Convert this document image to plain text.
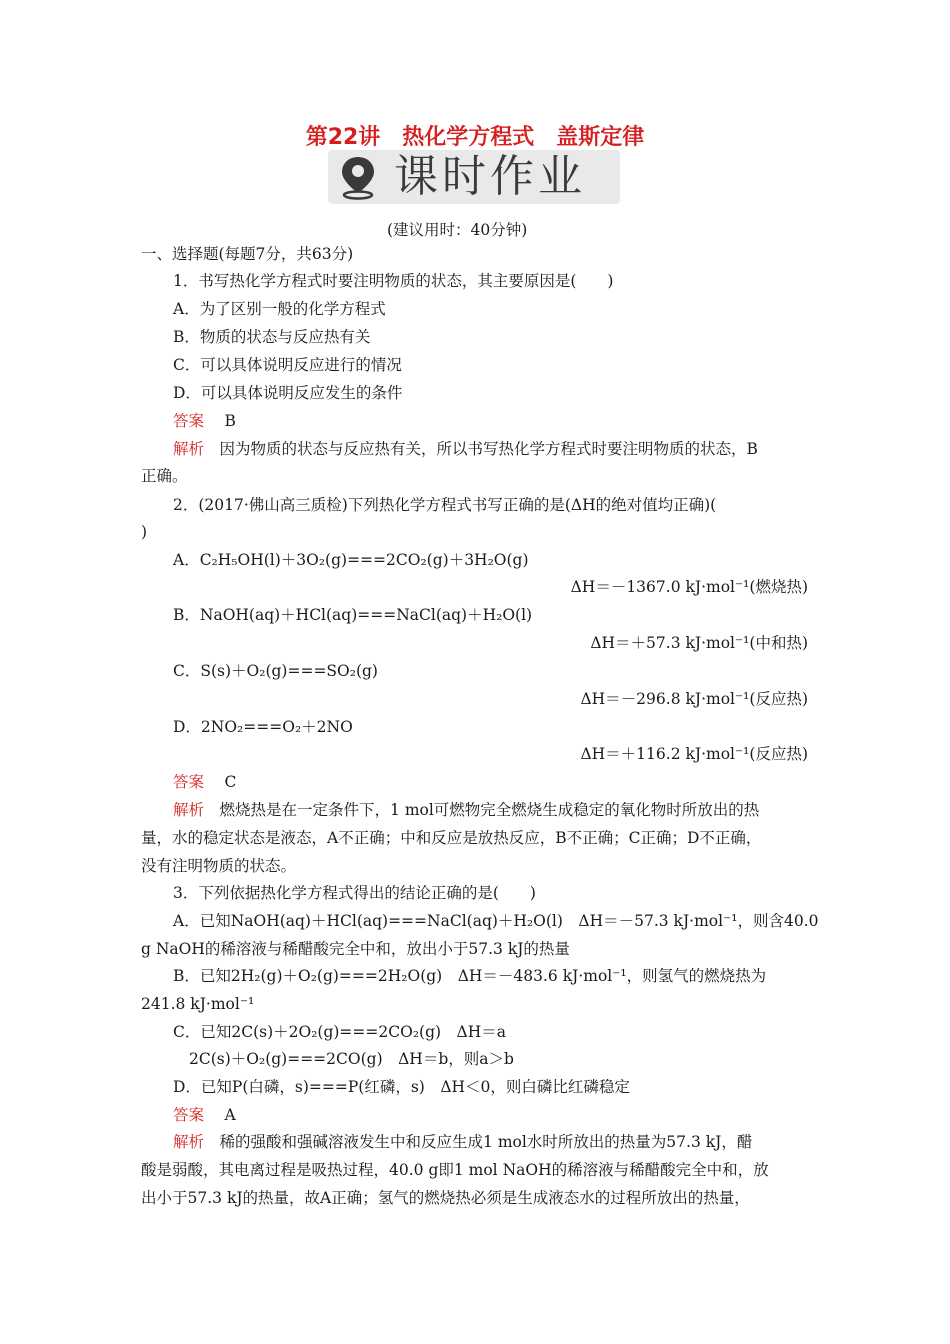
第22讲　热化学方程式　盖斯定律
课时作业
(建议用时：40分钟)
一、选择题(每题7分，共63分)
1．书写热化学方程式时要注明物质的状态，其主要原因是(　　)
A．为了区别一般的化学方程式
B．物质的状态与反应热有关
C．可以具体说明反应进行的情况
D．可以具体说明反应发生的条件
答案　 B
解析　 因为物质的状态与反应热有关，所以书写热化学方程式时要注明物质的状态，B
正确。
2．(2017·佛山高三质检)下列热化学方程式书写正确的是(ΔH的绝对值均正确)(
)
A．C₂H₅OH(l)＋3O₂(g)===2CO₂(g)＋3H₂O(g)
ΔH＝－1367.0 kJ·mol⁻¹(燃烧热)
B．NaOH(aq)＋HCl(aq)===NaCl(aq)＋H₂O(l)
ΔH＝＋57.3 kJ·mol⁻¹(中和热)
C．S(s)＋O₂(g)===SO₂(g)
ΔH＝－296.8 kJ·mol⁻¹(反应热)
D．2NO₂===O₂＋2NO
ΔH＝＋116.2 kJ·mol⁻¹(反应热)
答案　 C
解析　 燃烧热是在一定条件下，1 mol可燃物完全燃烧生成稳定的氧化物时所放出的热
量，水的稳定状态是液态，A不正确；中和反应是放热反应，B不正确；C正确；D不正确，
没有注明物质的状态。
3．下列依据热化学方程式得出的结论正确的是(　　)
A．已知NaOH(aq)＋HCl(aq)===NaCl(aq)＋H₂O(l)　ΔH＝－57.3 kJ·mol⁻¹，则含40.0
g NaOH的稀溶液与稀醋酸完全中和，放出小于57.3 kJ的热量
B．已知2H₂(g)＋O₂(g)===2H₂O(g)　ΔH＝－483.6 kJ·mol⁻¹，则氢气的燃烧热为
241.8 kJ·mol⁻¹
C．已知2C(s)＋2O₂(g)===2CO₂(g)　ΔH＝a
2C(s)＋O₂(g)===2CO(g)　ΔH＝b，则a＞b
D．已知P(白磷，s)===P(红磷，s)　ΔH＜0，则白磷比红磷稳定
答案　 A
解析　 稀的强酸和强碱溶液发生中和反应生成1 mol水时所放出的热量为57.3 kJ，醋
酸是弱酸，其电离过程是吸热过程，40.0 g即1 mol NaOH的稀溶液与稀醋酸完全中和，放
出小于57.3 kJ的热量，故A正确；氢气的燃烧热必须是生成液态水的过程所放出的热量，
